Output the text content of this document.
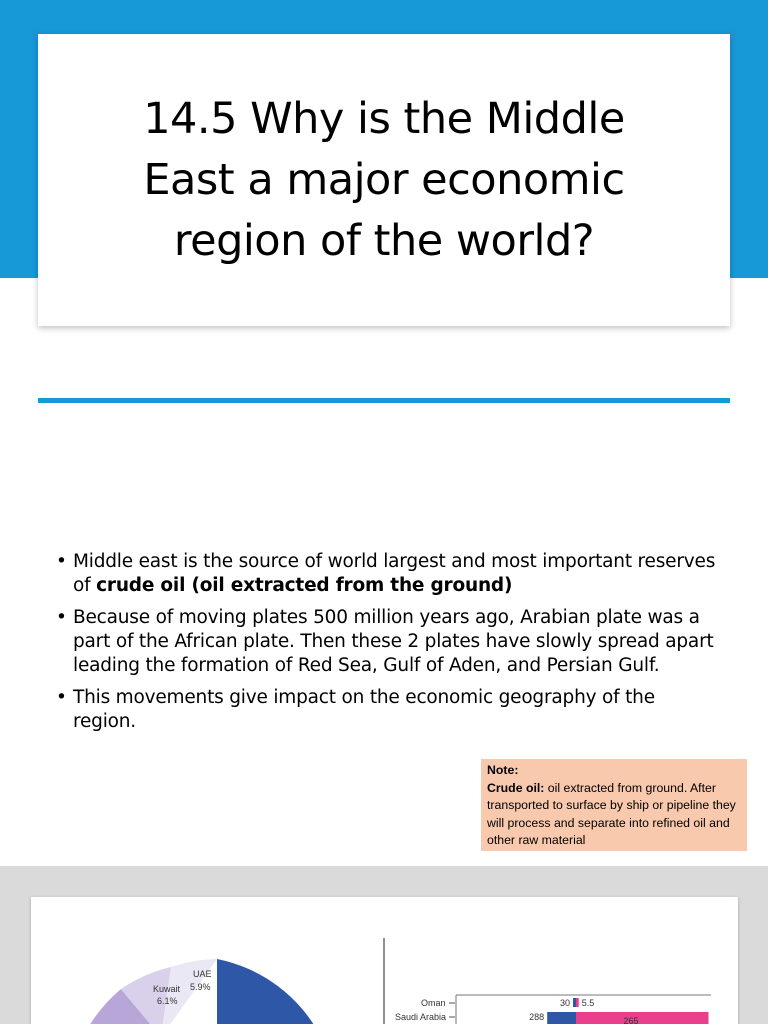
14.5 Why is the Middle East a major economic region of the world?
• Middle east is the source of world largest and most important reserves of crude oil (oil extracted from the ground)
• Because of moving plates 500 million years ago, Arabian plate was a part of the African plate. Then these 2 plates have slowly spread apart leading the formation of Red Sea, Gulf of Aden, and Persian Gulf.
• This movements give impact on the economic geography of the region.
Note:
Crude oil: oil extracted from ground. After transported to surface by ship or pipeline they will process and separate into refined oil and other raw material
UAE
5.9%
Kuwait
6.1%	Oman
Saudi Arabia
30 5.5
288	265
